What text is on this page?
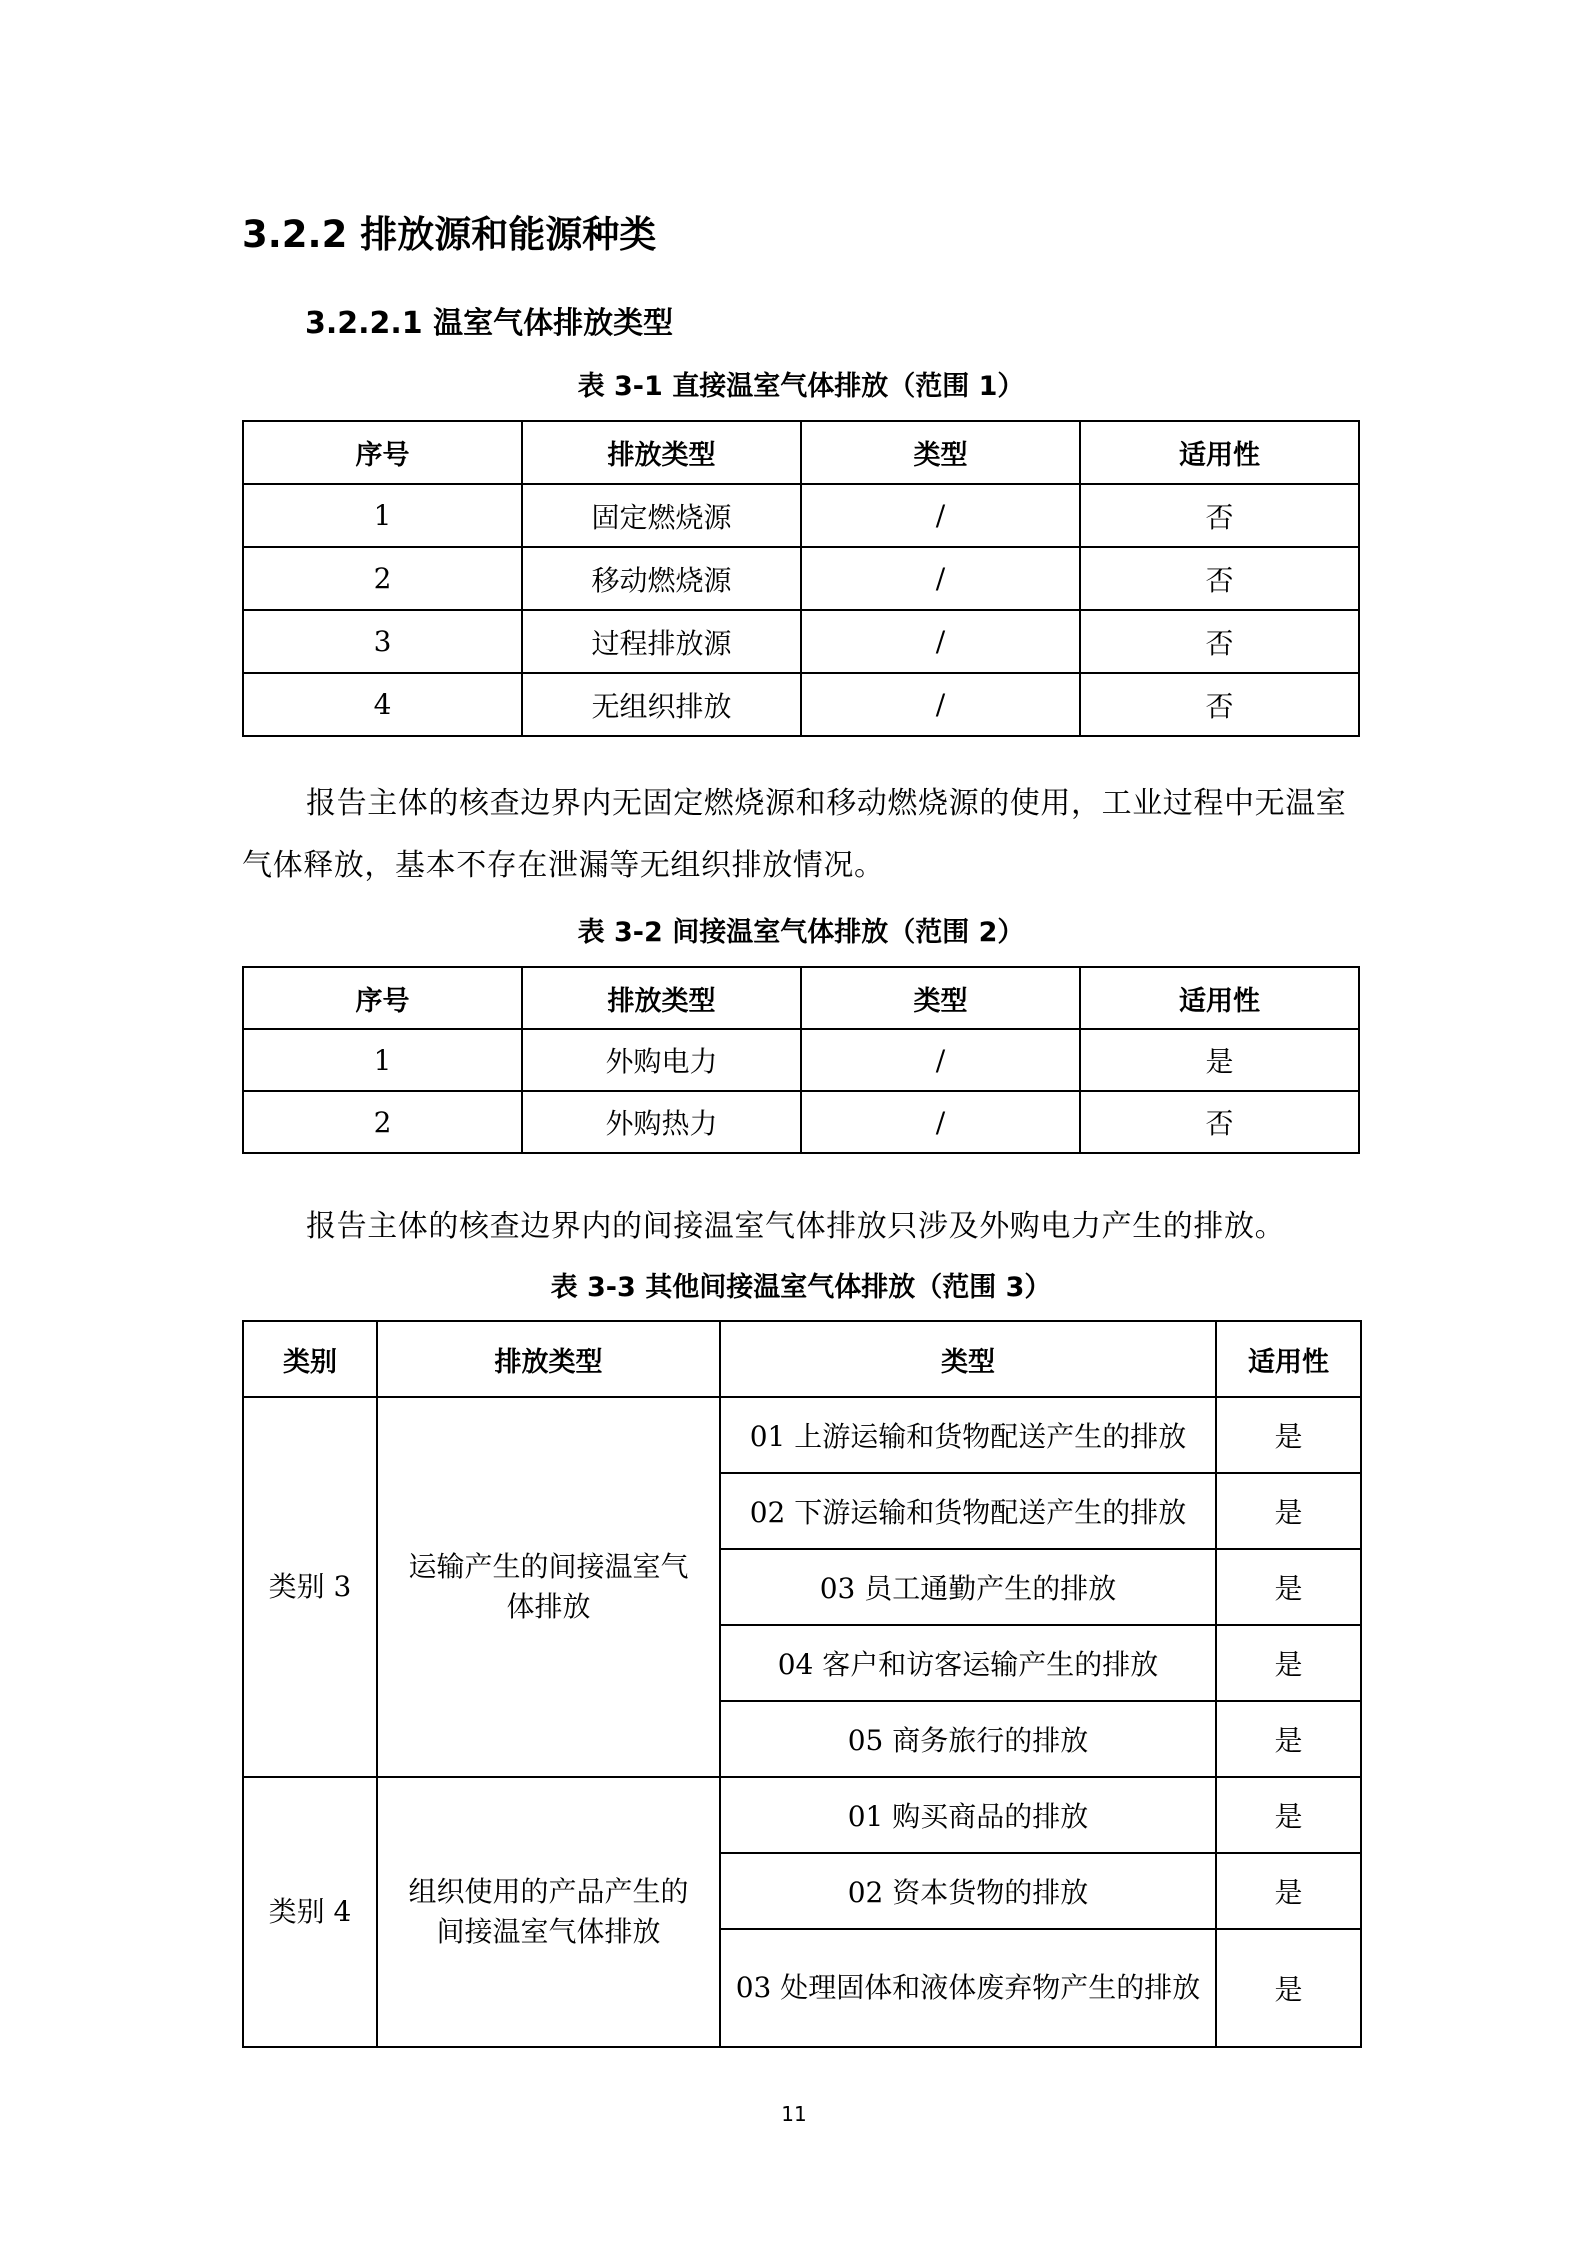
3.2.2 排放源和能源种类
3.2.2.1 温室气体排放类型
表 3-1 直接温室气体排放（范围 1）
序号	排放类型	类型	适用性
1	固定燃烧源	/	否
2	移动燃烧源	/	否
3	过程排放源	/	否
4	无组织排放	/	否
报告主体的核查边界内无固定燃烧源和移动燃烧源的使用，工业过程中无温室气体释放，基本不存在泄漏等无组织排放情况。
表 3-2 间接温室气体排放（范围 2）
序号	排放类型	类型	适用性
1	外购电力	/	是
2	外购热力	/	否
报告主体的核查边界内的间接温室气体排放只涉及外购电力产生的排放。
表 3-3 其他间接温室气体排放（范围 3）
类别	排放类型	类型	适用性
类别 3	运输产生的间接温室气体排放	01 上游运输和货物配送产生的排放	是
		02 下游运输和货物配送产生的排放	是
		03 员工通勤产生的排放	是
		04 客户和访客运输产生的排放	是
		05 商务旅行的排放	是
类别 4	组织使用的产品产生的间接温室气体排放	01 购买商品的排放	是
		02 资本货物的排放	是
		03 处理固体和液体废弃物产生的排放	是
11
